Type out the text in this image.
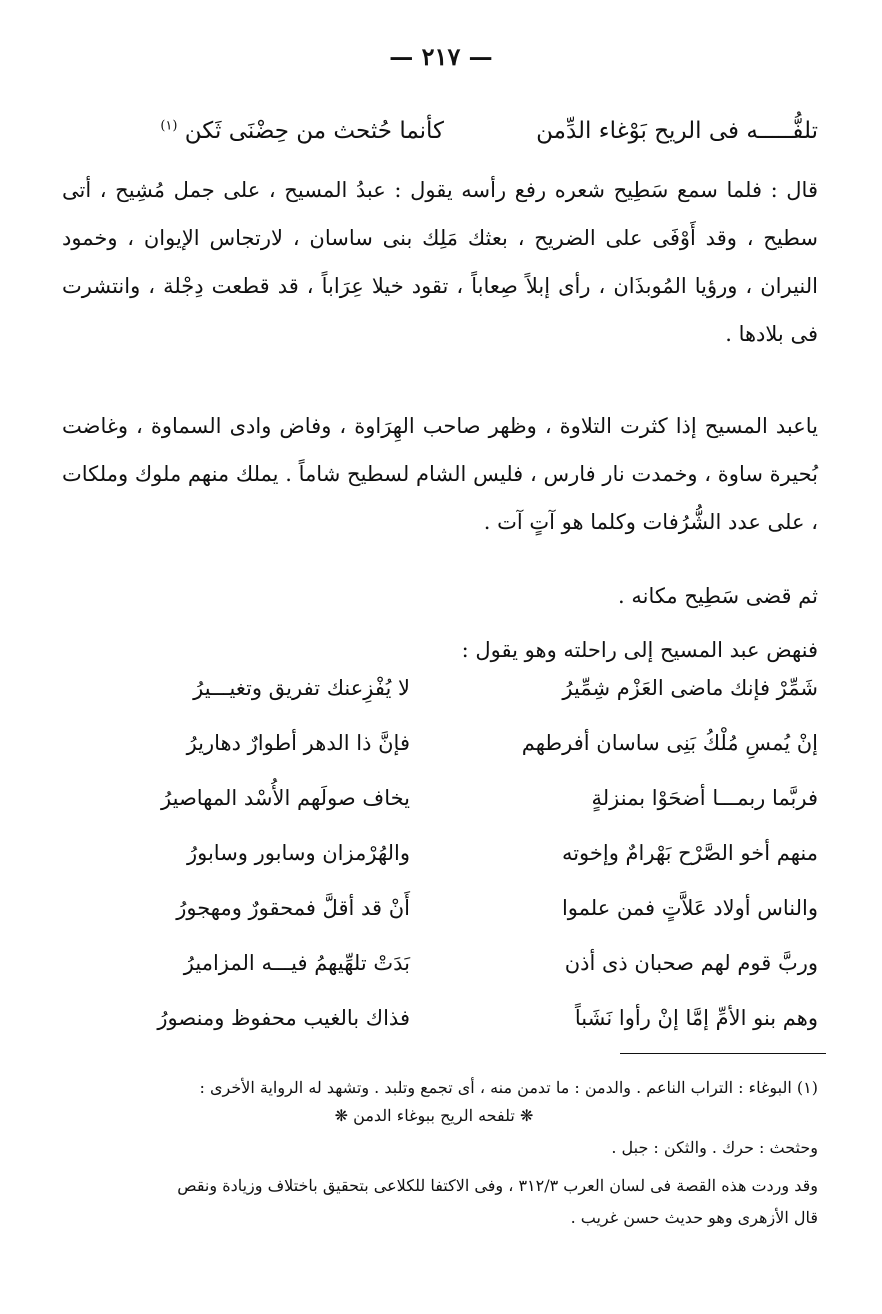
— ٢١٧ —
تلفُّـــــه فى الريح بَوْغاء الدِّمن
كأنما حُثحث من حِضْنَى ثَكن $^{(١)}$

قال : فلما سمع سَطِيح شعره رفع رأسه يقول : عبدُ المسيح ، على جمل مُشِيح ، أتى سطيح ، وقد أَوْفَى على الضريح ، بعثك مَلِك بنى ساسان ، لارتجاس الإيوان ، وخمود النيران ، ورؤيا المُوبذَان ، رأى إبلاً صِعاباً ، تقود خيلا عِرَاباً ، قد قطعت دِجْلة ، وانتشرت فى بلادها .

ياعبد المسيح إذا كثرت التلاوة ، وظهر صاحب الهِرَاوة ، وفاض وادى السماوة ، وغاضت بُحيرة ساوة ، وخمدت نار فارس ، فليس الشام لسطيح شاماً . يملك منهم ملوك وملكات ، على عدد الشُّرُفات وكلما هو آتٍ آت .

ثم قضى سَطِيح مكانه .

فنهض عبد المسيح إلى راحلته وهو يقول :

شَمِّرْ فإنك ماضى العَزْم شِمِّيرُ
لا يُفْزِعنك تفريق وتغيـــيرُ
إنْ يُمسِ مُلْكُ بَنِى ساسان أفرطهم
فإنَّ ذا الدهر أطوارٌ دهاريرُ
فربَّما ربمـــا أضحَوْا بمنزلةٍ
يخاف صولَهم الأُسْد المهاصيرُ
منهم أخو الصَّرْح بَهْرامٌ وإخوته
والهُرْمزان وسابور وسابورُ
والناس أولاد عَلاَّتٍ فمن علموا
أَنْ قد أقلَّ فمحقورٌ ومهجورُ
وربَّ قوم لهم صحبان ذى أذن
بَدَتْ تلهِّيهمُ فيـــه المزاميرُ
وهم بنو الأمِّ إمَّا إنْ رأوا نَشَباً
فذاك بالغيب محفوظ ومنصورُ
(١) البوغاء : التراب الناعم . والدمن : ما تدمن منه ، أى تجمع وتلبد . وتشهد له الرواية الأخرى :
❋ تلفحه الريح ببوغاء الدمن ❋
وحثحث : حرك . والثكن : جبل .
وقد وردت هذه القصة فى لسان العرب ٣١٢/٣ ، وفى الاكتفا للكلاعى بتحقيق باختلاف وزيادة ونقص
قال الأزهرى وهو حديث حسن غريب .
